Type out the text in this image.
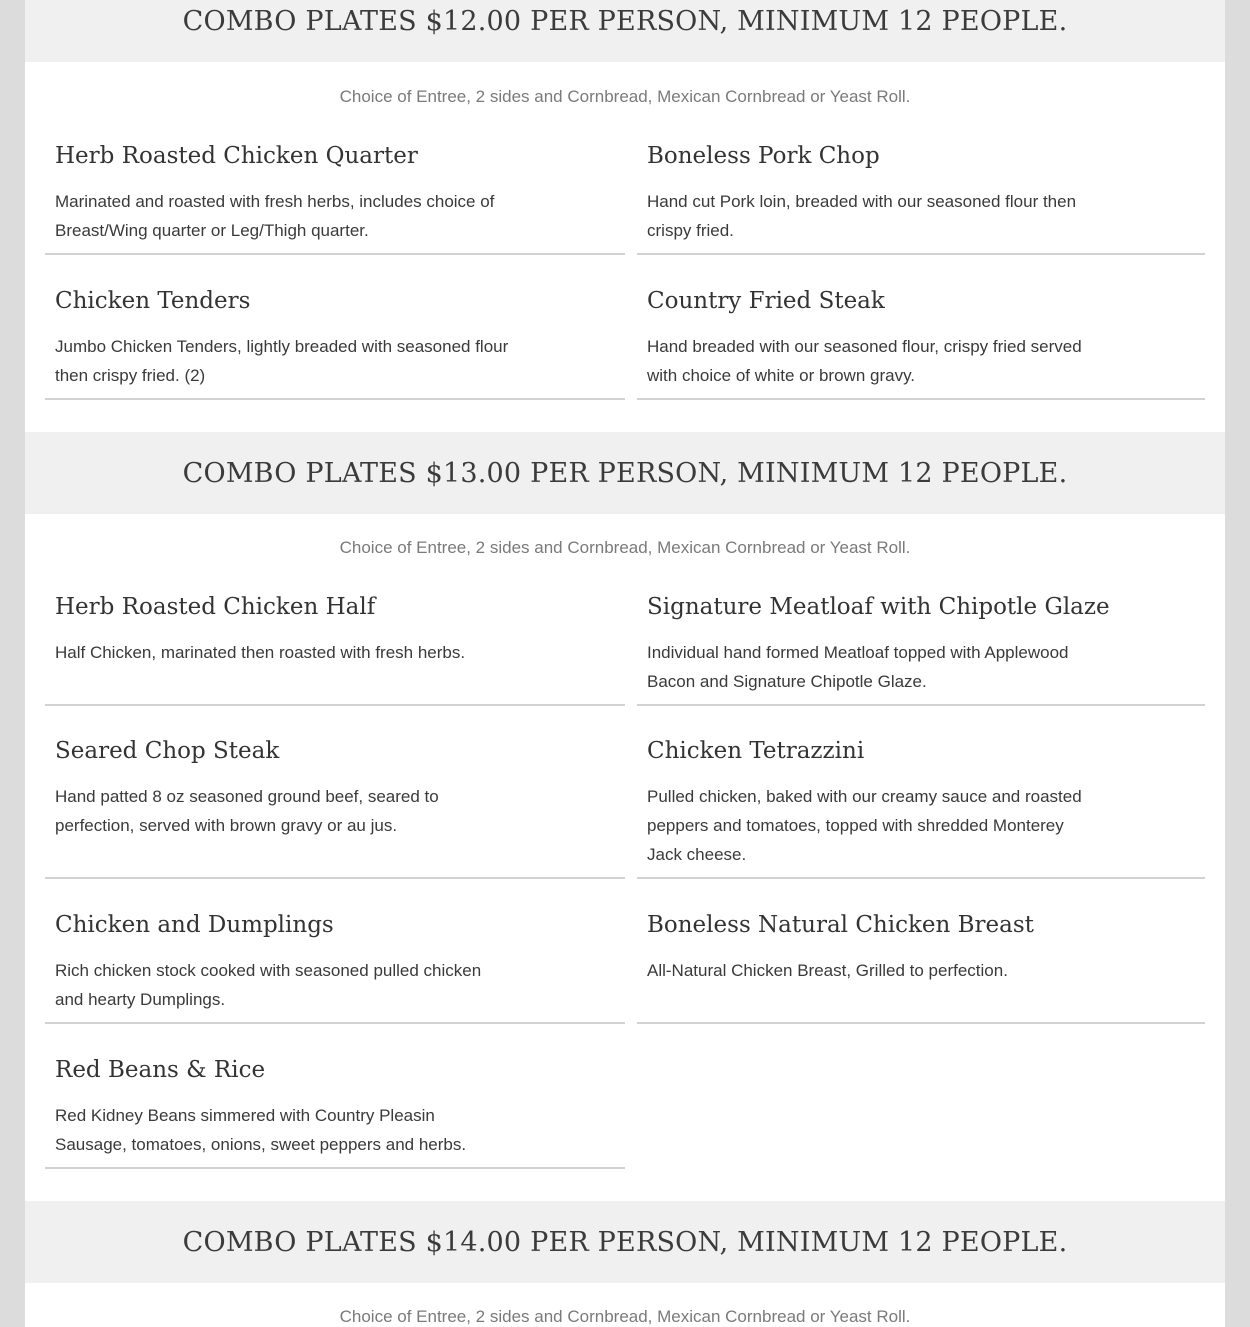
COMBO PLATES $12.00 PER PERSON, MINIMUM 12 PEOPLE.
Choice of Entree, 2 sides and Cornbread, Mexican Cornbread or Yeast Roll.
Herb Roasted Chicken Quarter

Marinated and roasted with fresh herbs, includes choice of Breast/Wing quarter or Leg/Thigh quarter.

Boneless Pork Chop

Hand cut Pork loin, breaded with our seasoned flour then crispy fried.

Chicken Tenders

Jumbo Chicken Tenders, lightly breaded with seasoned flour then crispy fried. (2)

Country Fried Steak

Hand breaded with our seasoned flour, crispy fried served with choice of white or brown gravy.

COMBO PLATES $13.00 PER PERSON, MINIMUM 12 PEOPLE.
Choice of Entree, 2 sides and Cornbread, Mexican Cornbread or Yeast Roll.
Herb Roasted Chicken Half

Half Chicken, marinated then roasted with fresh herbs.

Signature Meatloaf with Chipotle Glaze

Individual hand formed Meatloaf topped with Applewood Bacon and Signature Chipotle Glaze.

Seared Chop Steak

Hand patted 8 oz seasoned ground beef, seared to perfection, served with brown gravy or au jus.

Chicken Tetrazzini

Pulled chicken, baked with our creamy sauce and roasted peppers and tomatoes, topped with shredded Monterey Jack cheese.

Chicken and Dumplings

Rich chicken stock cooked with seasoned pulled chicken and hearty Dumplings.

Boneless Natural Chicken Breast

All-Natural Chicken Breast, Grilled to perfection.

Red Beans & Rice

Red Kidney Beans simmered with Country Pleasin Sausage, tomatoes, onions, sweet peppers and herbs.

COMBO PLATES $14.00 PER PERSON, MINIMUM 12 PEOPLE.
Choice of Entree, 2 sides and Cornbread, Mexican Cornbread or Yeast Roll.
